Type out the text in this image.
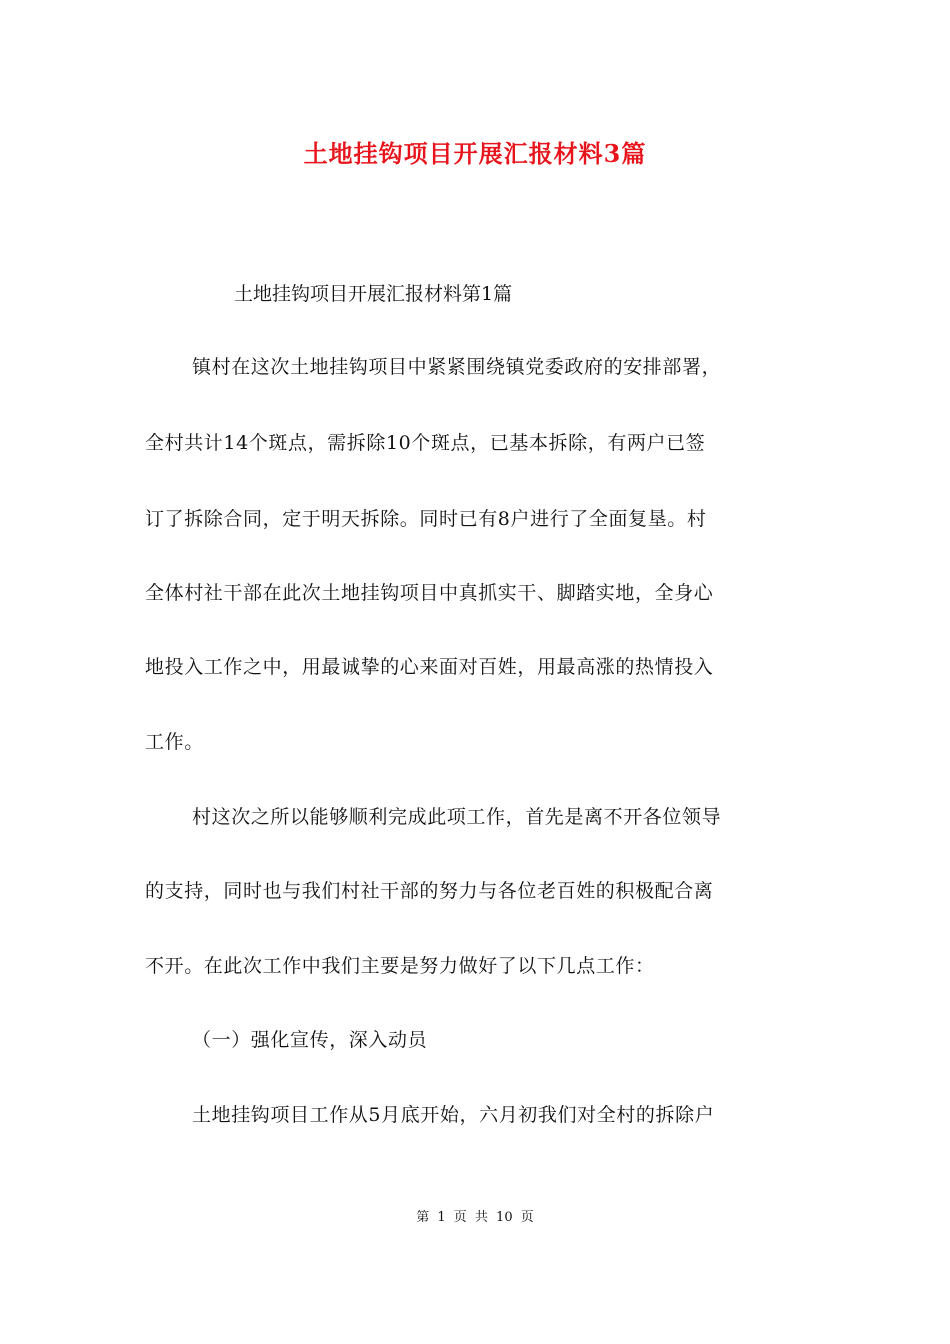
土地挂钩项目开展汇报材料3篇
土地挂钩项目开展汇报材料第1篇
镇村在这次土地挂钩项目中紧紧围绕镇党委政府的安排部署，
全村共计14个斑点，需拆除10个斑点，已基本拆除，有两户已签
订了拆除合同，定于明天拆除。同时已有8户进行了全面复垦。村
全体村社干部在此次土地挂钩项目中真抓实干、脚踏实地，全身心
地投入工作之中，用最诚挚的心来面对百姓，用最高涨的热情投入
工作。
村这次之所以能够顺利完成此项工作，首先是离不开各位领导
的支持，同时也与我们村社干部的努力与各位老百姓的积极配合离
不开。在此次工作中我们主要是努力做好了以下几点工作：
（一）强化宣传，深入动员
土地挂钩项目工作从5月底开始，六月初我们对全村的拆除户
第 1 页 共 10 页
